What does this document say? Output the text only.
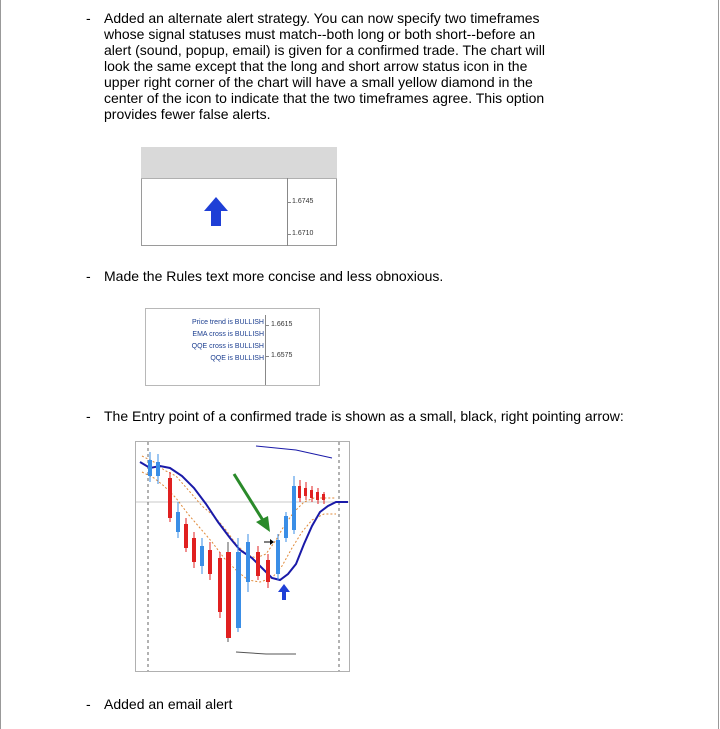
- Added an alternate alert strategy. You can now specify two timeframes
whose signal statuses must match--both long or both short--before an
alert (sound, popup, email) is given for a confirmed trade. The chart will
look the same except that the long and short arrow status icon in the
upper right corner of the chart will have a small yellow diamond in the
center of the icon to indicate that the two timeframes agree. This option
provides fewer false alerts.
1.6745
1.6710
- Made the Rules text more concise and less obnoxious.
Price trend is BULLISH
EMA cross is BULLISH
QQE cross is BULLISH
QQE is BULLISH
1.6615
1.6575
- The Entry point of a confirmed trade is shown as a small, black, right pointing arrow:
- Added an email alert
